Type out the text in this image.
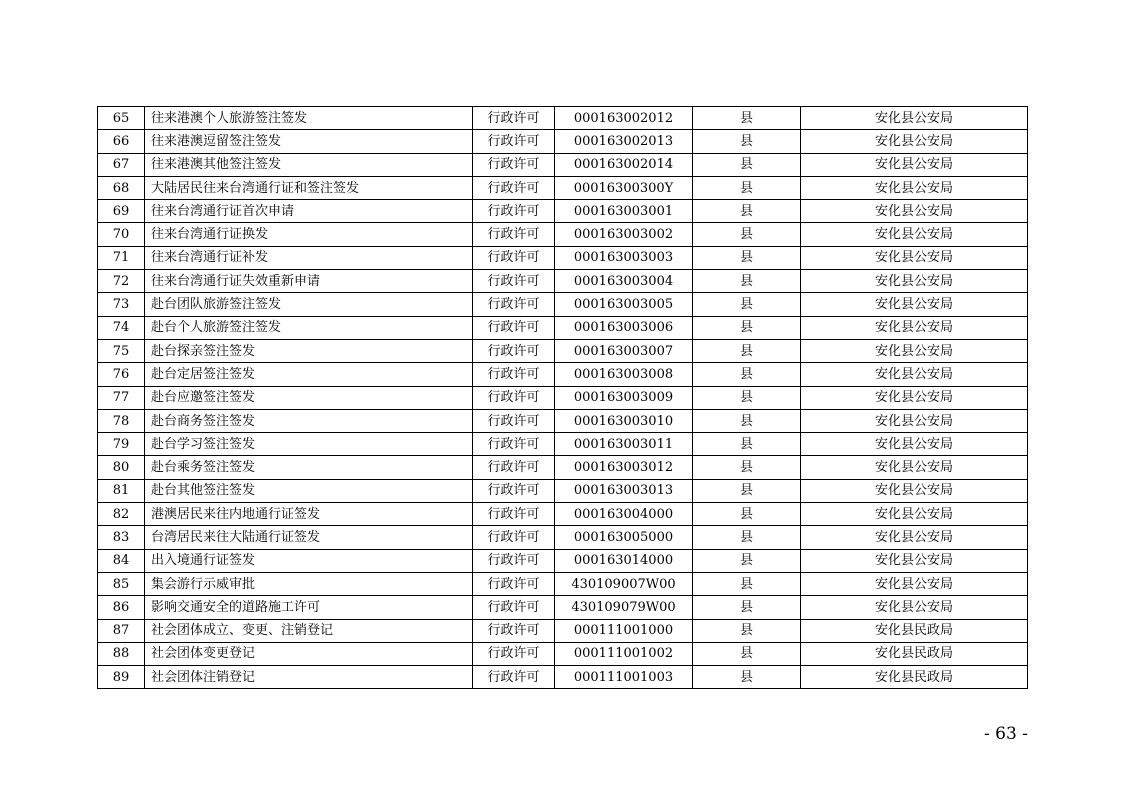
65	往来港澳个人旅游签注签发	行政许可	000163002012	县	安化县公安局
66	往来港澳逗留签注签发	行政许可	000163002013	县	安化县公安局
67	往来港澳其他签注签发	行政许可	000163002014	县	安化县公安局
68	大陆居民往来台湾通行证和签注签发	行政许可	00016300300Y	县	安化县公安局
69	往来台湾通行证首次申请	行政许可	000163003001	县	安化县公安局
70	往来台湾通行证换发	行政许可	000163003002	县	安化县公安局
71	往来台湾通行证补发	行政许可	000163003003	县	安化县公安局
72	往来台湾通行证失效重新申请	行政许可	000163003004	县	安化县公安局
73	赴台团队旅游签注签发	行政许可	000163003005	县	安化县公安局
74	赴台个人旅游签注签发	行政许可	000163003006	县	安化县公安局
75	赴台探亲签注签发	行政许可	000163003007	县	安化县公安局
76	赴台定居签注签发	行政许可	000163003008	县	安化县公安局
77	赴台应邀签注签发	行政许可	000163003009	县	安化县公安局
78	赴台商务签注签发	行政许可	000163003010	县	安化县公安局
79	赴台学习签注签发	行政许可	000163003011	县	安化县公安局
80	赴台乘务签注签发	行政许可	000163003012	县	安化县公安局
81	赴台其他签注签发	行政许可	000163003013	县	安化县公安局
82	港澳居民来往内地通行证签发	行政许可	000163004000	县	安化县公安局
83	台湾居民来往大陆通行证签发	行政许可	000163005000	县	安化县公安局
84	出入境通行证签发	行政许可	000163014000	县	安化县公安局
85	集会游行示威审批	行政许可	430109007W00	县	安化县公安局
86	影响交通安全的道路施工许可	行政许可	430109079W00	县	安化县公安局
87	社会团体成立、变更、注销登记	行政许可	000111001000	县	安化县民政局
88	社会团体变更登记	行政许可	000111001002	县	安化县民政局
89	社会团体注销登记	行政许可	000111001003	县	安化县民政局
- 63 -
